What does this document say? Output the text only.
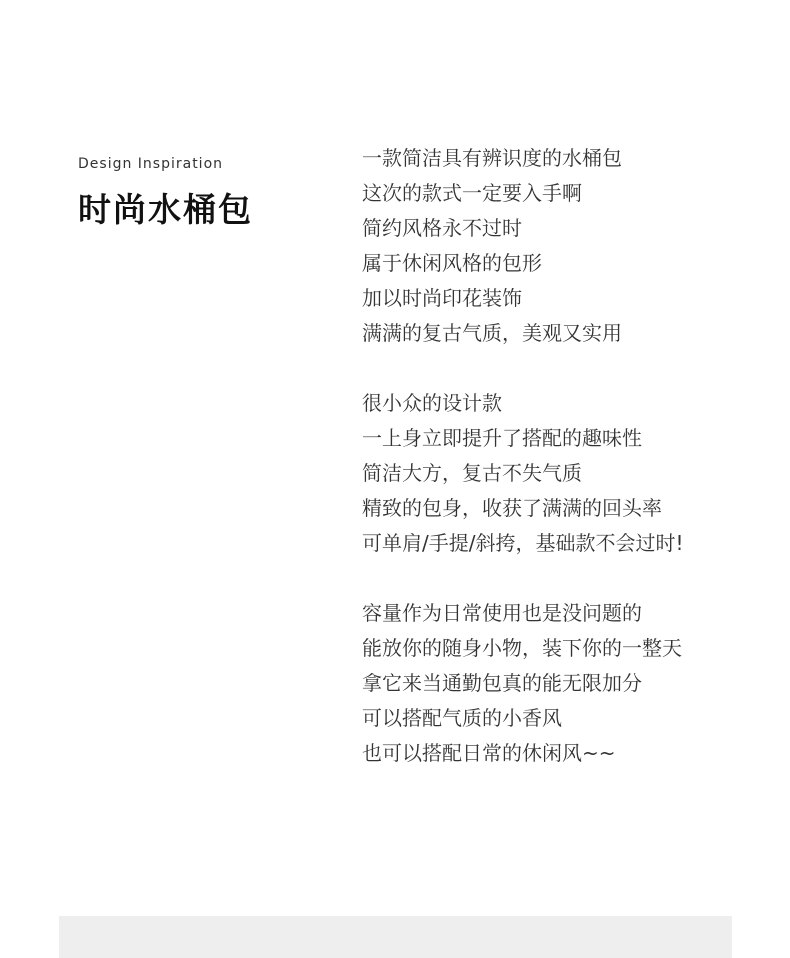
Design Inspiration

时尚水桶包
一款简洁具有辨识度的水桶包
这次的款式一定要入手啊
简约风格永不过时
属于休闲风格的包形
加以时尚印花装饰
满满的复古气质，美观又实用
很小众的设计款
一上身立即提升了搭配的趣味性
简洁大方，复古不失气质
精致的包身，收获了满满的回头率
可单肩/手提/斜挎，基础款不会过时!
容量作为日常使用也是没问题的
能放你的随身小物，装下你的一整天
拿它来当通勤包真的能无限加分
可以搭配气质的小香风
也可以搭配日常的休闲风~~
